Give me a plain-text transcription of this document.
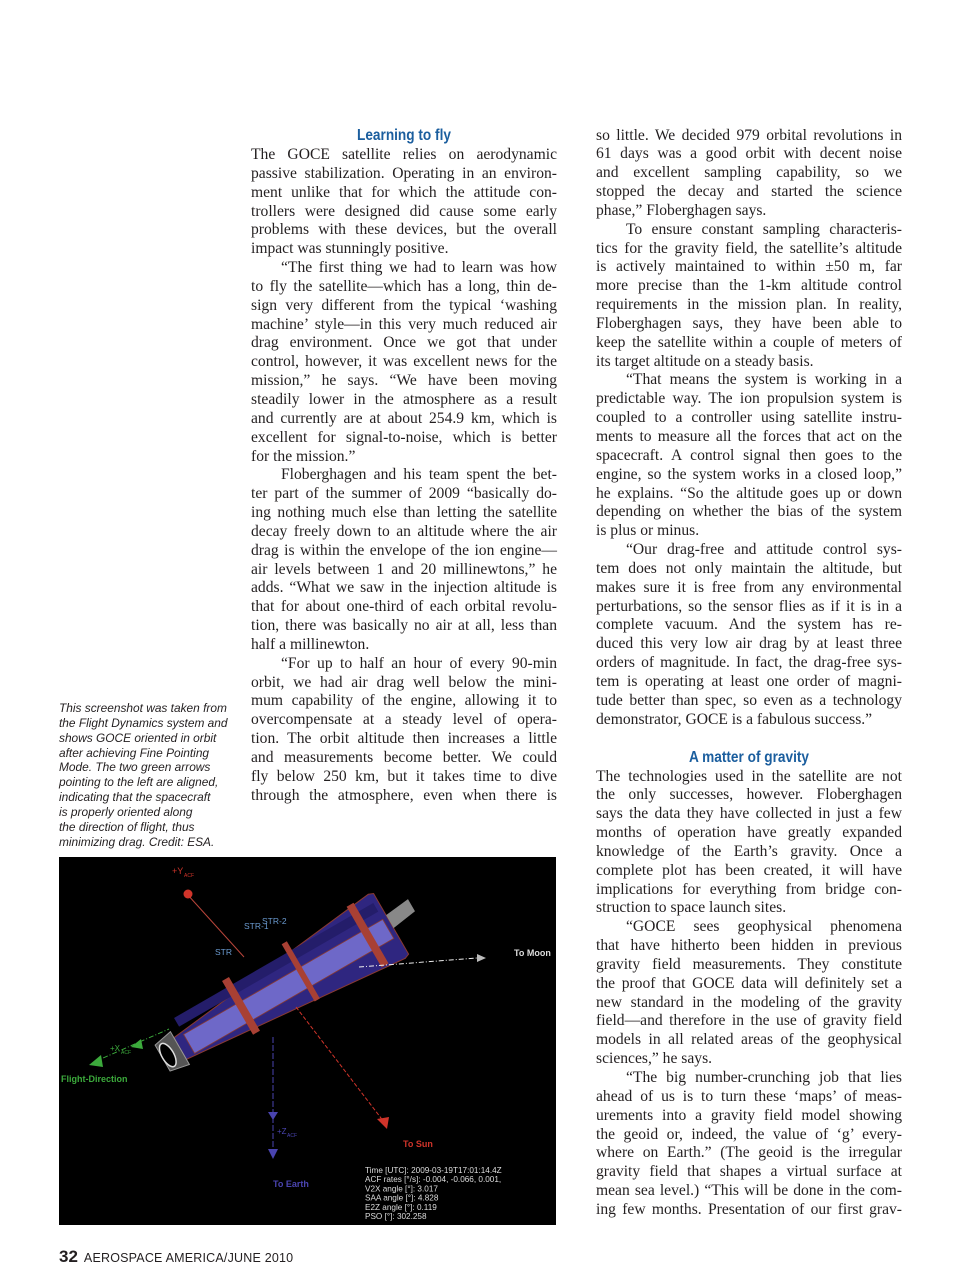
Learning to fly
The GOCE satellite relies on aerodynamic
passive stabilization. Operating in an environ-
ment unlike that for which the attitude con-
trollers were designed did cause some early
problems with these devices, but the overall
impact was stunningly positive.
“The first thing we had to learn was how
to fly the satellite—which has a long, thin de-
sign very different from the typical ‘washing
machine’ style—in this very much reduced air
drag environment. Once we got that under
control, however, it was excellent news for the
mission,” he says. “We have been moving
steadily lower in the atmosphere as a result
and currently are at about 254.9 km, which is
excellent for signal-to-noise, which is better
for the mission.”
Floberghagen and his team spent the bet-
ter part of the summer of 2009 “basically do-
ing nothing much else than letting the satellite
decay freely down to an altitude where the air
drag is within the envelope of the ion engine—
air levels between 1 and 20 millinewtons,” he
adds. “What we saw in the injection altitude is
that for about one-third of each orbital revolu-
tion, there was basically no air at all, less than
half a millinewton.
“For up to half an hour of every 90-min
orbit, we had air drag well below the mini-
mum capability of the engine, allowing it to
overcompensate at a steady level of opera-
tion. The orbit altitude then increases a little
and measurements become better. We could
fly below 250 km, but it takes time to dive
through the atmosphere, even when there is
so little. We decided 979 orbital revolutions in
61 days was a good orbit with decent noise
and excellent sampling capability, so we
stopped the decay and started the science
phase,” Floberghagen says.
To ensure constant sampling characteris-
tics for the gravity field, the satellite’s altitude
is actively maintained to within ±50 m, far
more precise than the 1-km altitude control
requirements in the mission plan. In reality,
Floberghagen says, they have been able to
keep the satellite within a couple of meters of
its target altitude on a steady basis.
“That means the system is working in a
predictable way. The ion propulsion system is
coupled to a controller using satellite instru-
ments to measure all the forces that act on the
spacecraft. A control signal then goes to the
engine, so the system works in a closed loop,”
he explains. “So the altitude goes up or down
depending on whether the bias of the system
is plus or minus.
“Our drag-free and attitude control sys-
tem does not only maintain the altitude, but
makes sure it is free from any environmental
perturbations, so the sensor flies as if it is in a
complete vacuum. And the system has re-
duced this very low air drag by at least three
orders of magnitude. In fact, the drag-free sys-
tem is operating at least one order of magni-
tude better than spec, so even as a technology
demonstrator, GOCE is a fabulous success.”
A matter of gravity
The technologies used in the satellite are not
the only successes, however. Floberghagen
says the data they have collected in just a few
months of operation have greatly expanded
knowledge of the Earth’s gravity. Once a
complete plot has been created, it will have
implications for everything from bridge con-
struction to space launch sites.
“GOCE sees geophysical phenomena
that have hitherto been hidden in previous
gravity field measurements. They constitute
the proof that GOCE data will definitely set a
new standard in the modeling of the gravity
field—and therefore in the use of gravity field
models in all related areas of the geophysical
sciences,” he says.
“The big number-crunching job that lies
ahead of us is to turn these ‘maps’ of meas-
urements into a gravity field model showing
the geoid or, indeed, the value of ‘g’ every-
where on Earth.” (The geoid is the irregular
gravity field that shapes a virtual surface at
mean sea level.) “This will be done in the com-
ing few months. Presentation of our first grav-
This screenshot was taken from
the Flight Dynamics system and
shows GOCE oriented in orbit
after achieving Fine Pointing
Mode. The two green arrows
pointing to the left are aligned,
indicating that the spacecraft
is properly oriented along
the direction of flight, thus
minimizing drag. Credit: ESA.
+Y ACF
To Moon
To Sun
+Z ACF
To Earth
+X ACF
Flight-Direction
STR
STR-1
STR-2
Time [UTC]: 2009-03-19T17:01:14.4Z
ACF rates [°/s]: -0.004, -0.066, 0.001,
V2X angle [°]: 3.017
SAA angle [°]: 4.828
E2Z angle [°]: 0.119
PSO [°]: 302.258
32 AEROSPACE AMERICA/JUNE 2010
